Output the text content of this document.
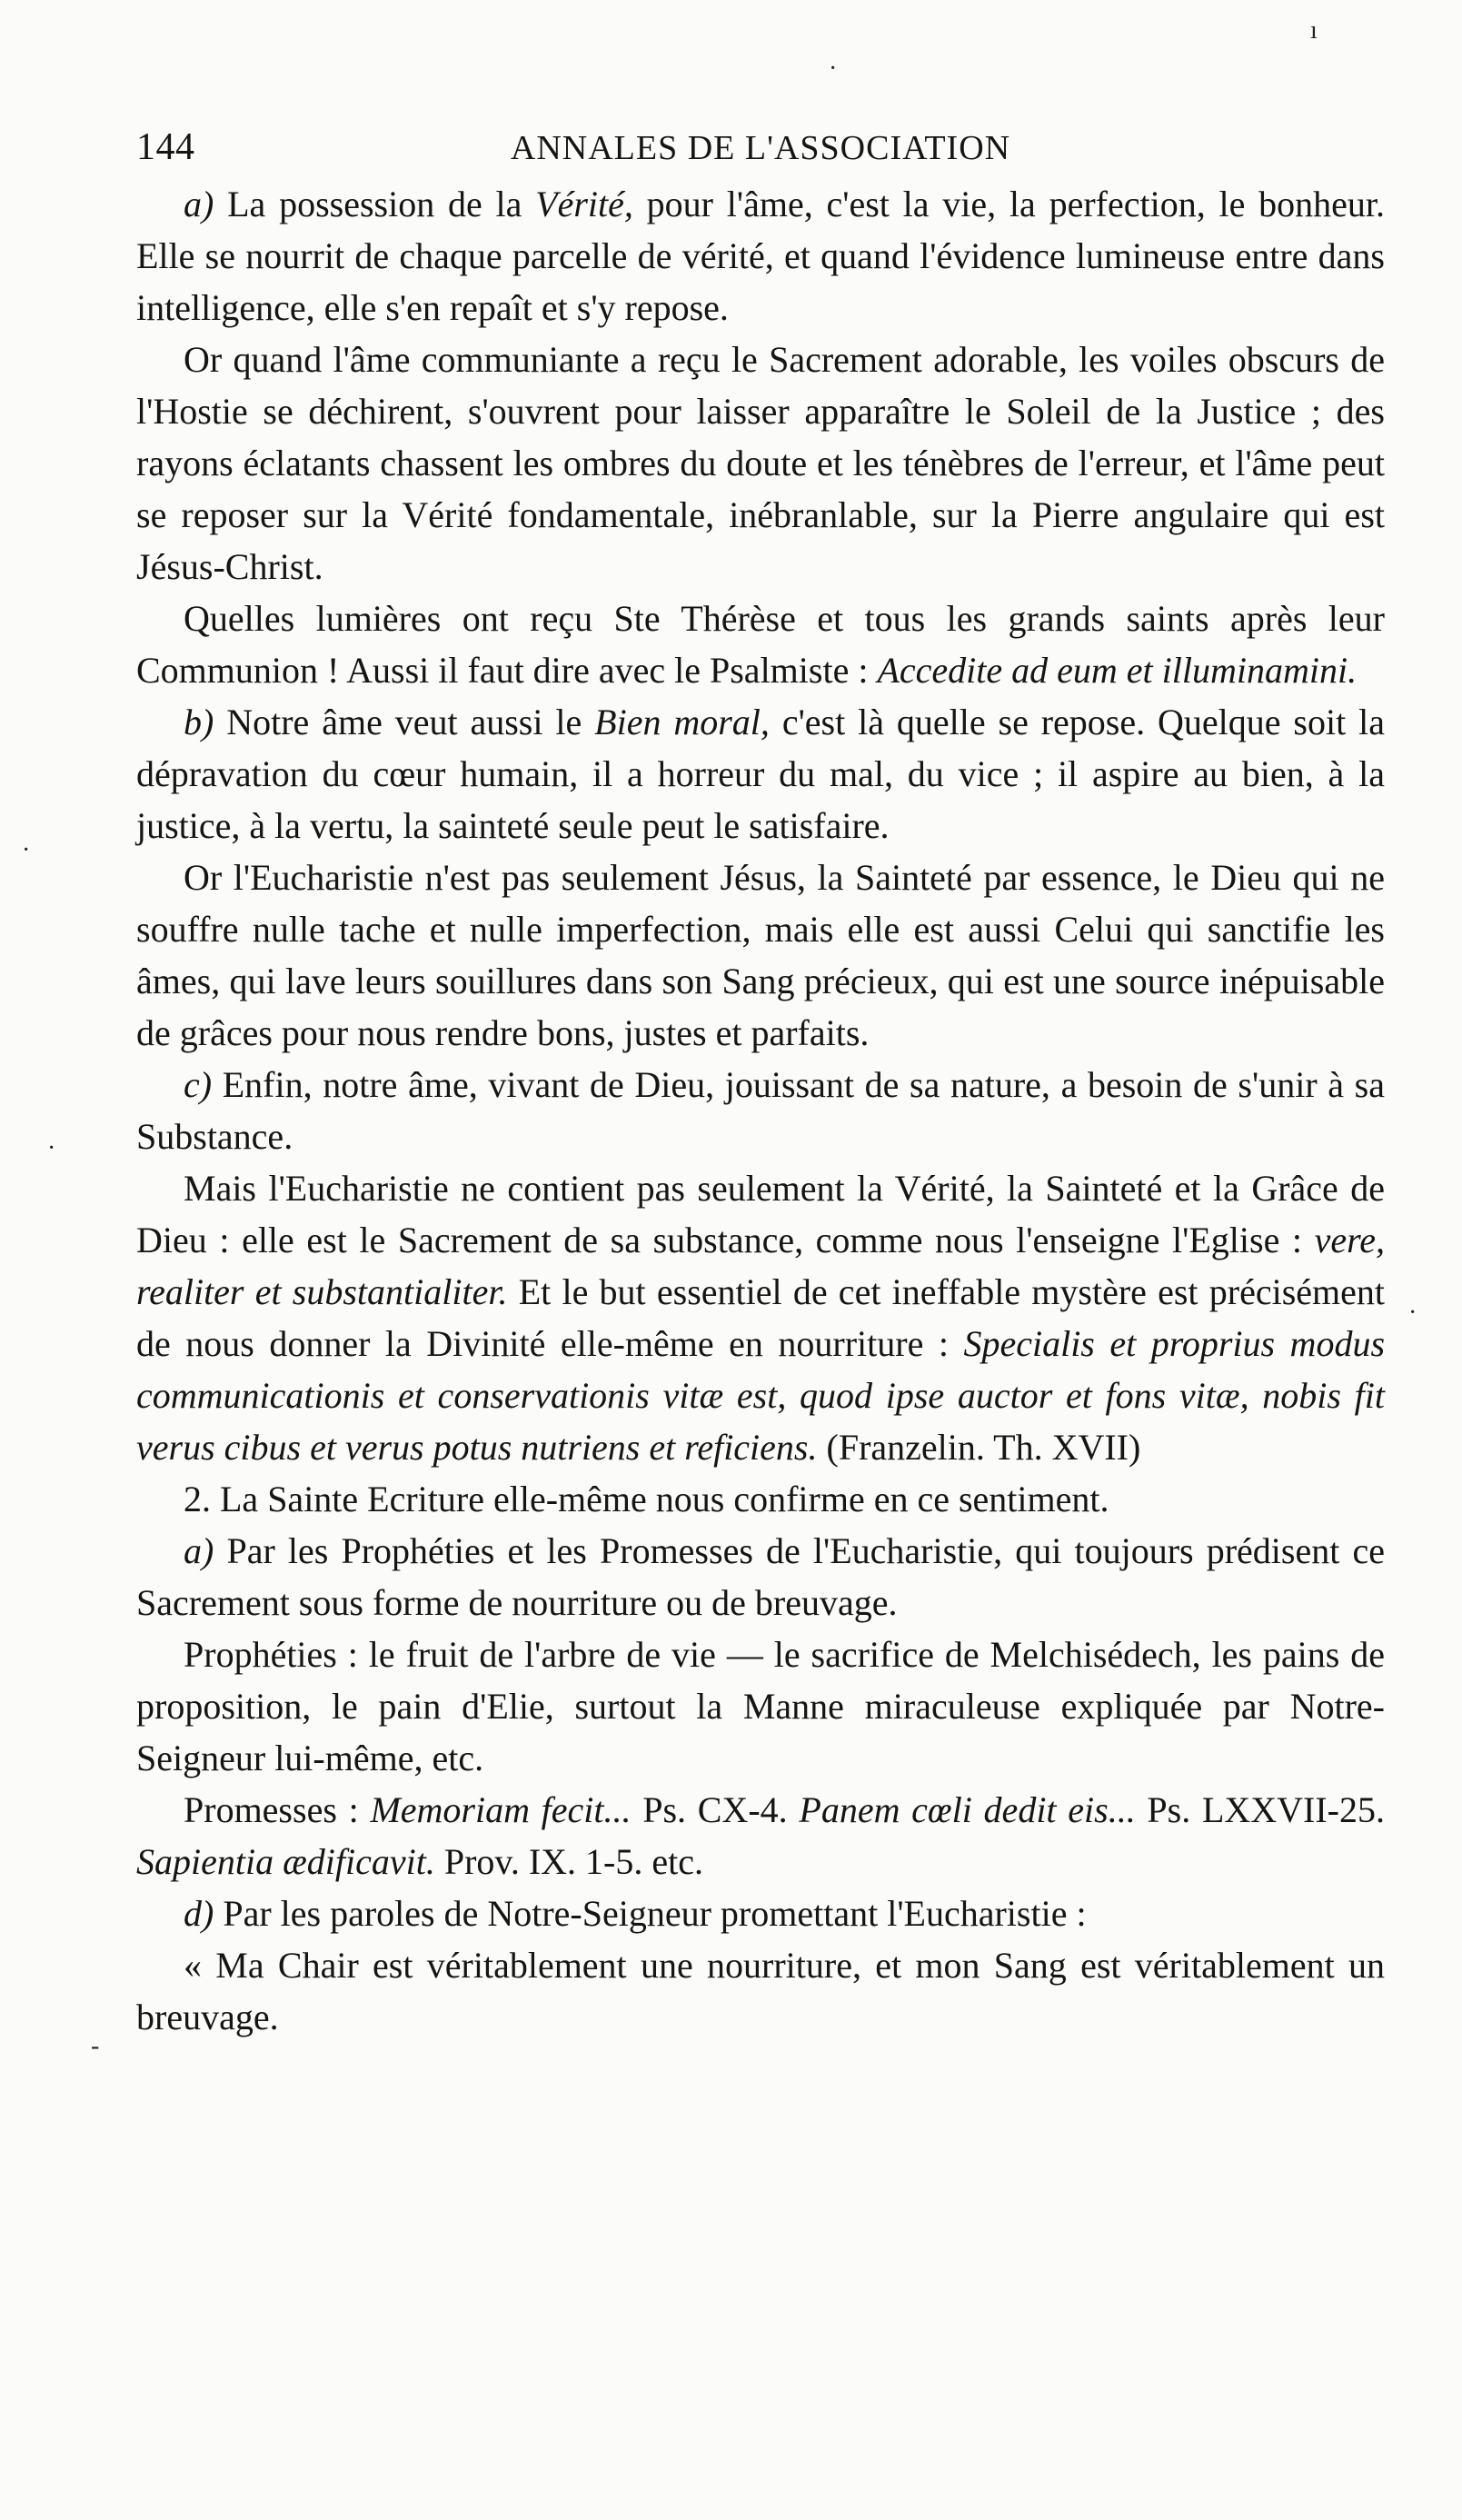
ı
·
·
·
·
-
144	ANNALES DE L'ASSOCIATION

a) La possession de la Vérité, pour l'âme, c'est la vie, la perfection, le bonheur. Elle se nourrit de chaque parcelle de vérité, et quand l'évidence lumineuse entre dans intelligence, elle s'en repaît et s'y repose.

Or quand l'âme communiante a reçu le Sacrement adorable, les voiles obscurs de l'Hostie se déchirent, s'ouvrent pour laisser apparaître le Soleil de la Justice ; des rayons éclatants chassent les ombres du doute et les ténèbres de l'erreur, et l'âme peut se reposer sur la Vérité fondamentale, inébranlable, sur la Pierre angulaire qui est Jésus-Christ.

Quelles lumières ont reçu Ste Thérèse et tous les grands saints après leur Communion ! Aussi il faut dire avec le Psalmiste : Accedite ad eum et illuminamini.

b) Notre âme veut aussi le Bien moral, c'est là quelle se repose. Quelque soit la dépravation du cœur humain, il a horreur du mal, du vice ; il aspire au bien, à la justice, à la vertu, la sainteté seule peut le satisfaire.

Or l'Eucharistie n'est pas seulement Jésus, la Sainteté par essence, le Dieu qui ne souffre nulle tache et nulle imperfection, mais elle est aussi Celui qui sanctifie les âmes, qui lave leurs souillures dans son Sang précieux, qui est une source inépuisable de grâces pour nous rendre bons, justes et parfaits.

c) Enfin, notre âme, vivant de Dieu, jouissant de sa nature, a besoin de s'unir à sa Substance.

Mais l'Eucharistie ne contient pas seulement la Vérité, la Sainteté et la Grâce de Dieu : elle est le Sacrement de sa substance, comme nous l'enseigne l'Eglise : vere, realiter et substantialiter. Et le but essentiel de cet ineffable mystère est précisément de nous donner la Divinité elle-même en nourriture : Specialis et proprius modus communicationis et conservationis vitæ est, quod ipse auctor et fons vitæ, nobis fit verus cibus et verus potus nutriens et reficiens. (Franzelin. Th. XVII)

2. La Sainte Ecriture elle-même nous confirme en ce sentiment.

a) Par les Prophéties et les Promesses de l'Eucharistie, qui toujours prédisent ce Sacrement sous forme de nourriture ou de breuvage.

Prophéties : le fruit de l'arbre de vie — le sacrifice de Melchisédech, les pains de proposition, le pain d'Elie, surtout la Manne miraculeuse expliquée par Notre-Seigneur lui-même, etc.

Promesses : Memoriam fecit... Ps. CX-4. Panem cœli dedit eis... Ps. LXXVII-25. Sapientia ædificavit. Prov. IX. 1-5. etc.

d) Par les paroles de Notre-Seigneur promettant l'Eucharistie :

« Ma Chair est véritablement une nourriture, et mon Sang est véritablement un breuvage.
